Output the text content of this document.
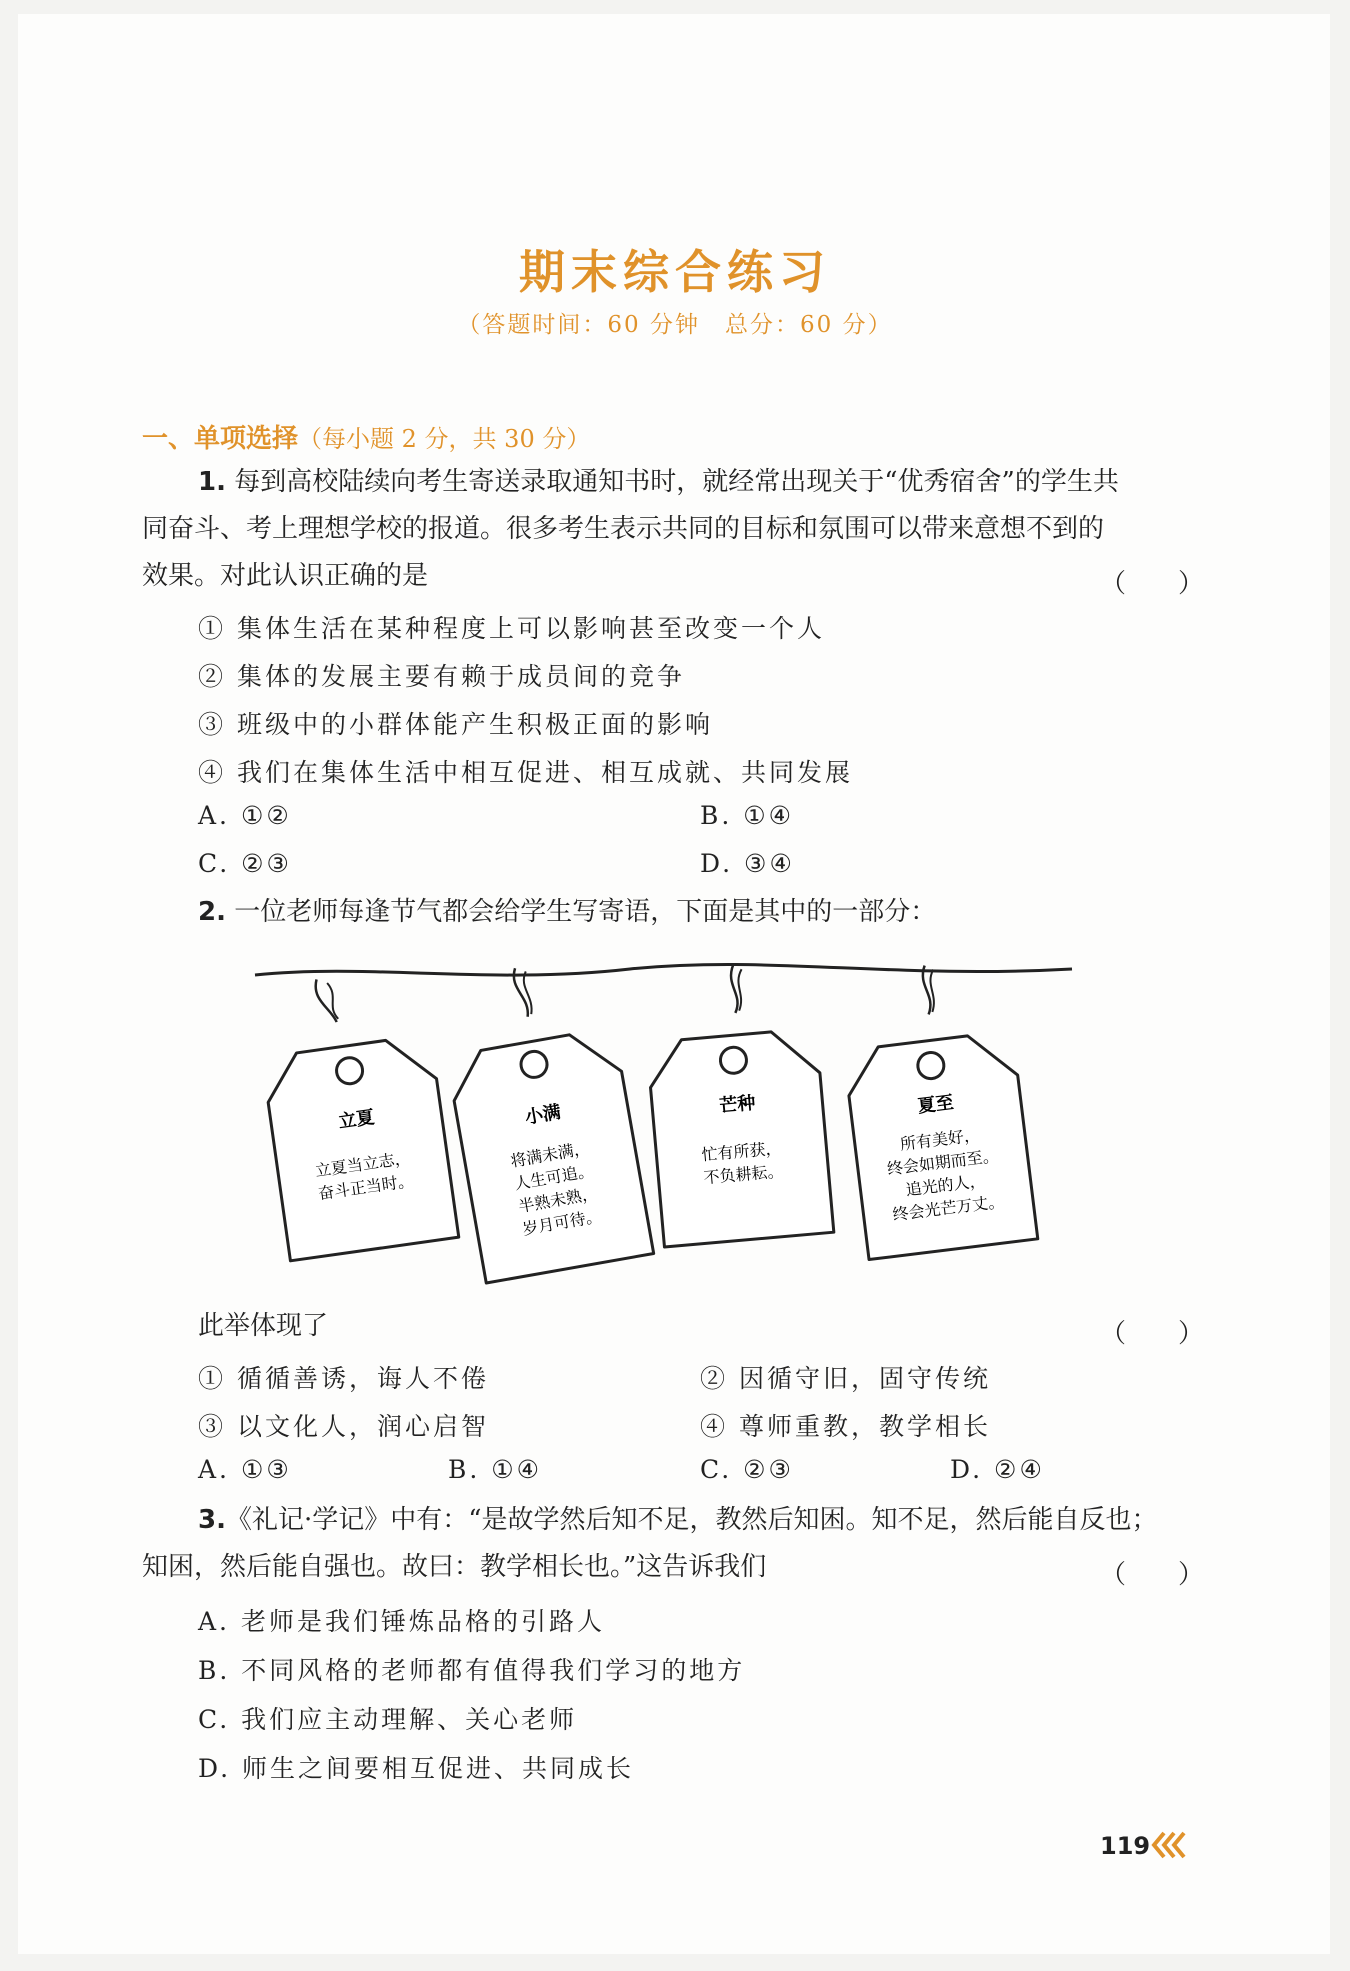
期末综合练习
（答题时间：60 分钟　总分：60 分）
一、单项选择（每小题 2 分，共 30 分）
1. 每到高校陆续向考生寄送录取通知书时，就经常出现关于“优秀宿舍”的学生共
同奋斗、考上理想学校的报道。很多考生表示共同的目标和氛围可以带来意想不到的
效果。对此认识正确的是	（　　）
① 集体生活在某种程度上可以影响甚至改变一个人
② 集体的发展主要有赖于成员间的竞争
③ 班级中的小群体能产生积极正面的影响
④ 我们在集体生活中相互促进、相互成就、共同发展
A. ①②	B. ①④
C. ②③	D. ③④
2. 一位老师每逢节气都会给学生写寄语，下面是其中的一部分：
立夏
立夏当立志，
奋斗正当时。
小满
将满未满，
人生可追。
半熟未熟，
岁月可待。
芒种
忙有所获，
不负耕耘。
夏至
所有美好，
终会如期而至。
追光的人，
终会光芒万丈。
此举体现了	（　　）
① 循循善诱，诲人不倦	② 因循守旧，固守传统
③ 以文化人，润心启智	④ 尊师重教，教学相长
A. ①③	B. ①④	C. ②③	D. ②④
3.《礼记·学记》中有：“是故学然后知不足，教然后知困。知不足，然后能自反也；
知困，然后能自强也。故曰：教学相长也。”这告诉我们	（　　）
A. 老师是我们锤炼品格的引路人
B. 不同风格的老师都有值得我们学习的地方
C. 我们应主动理解、关心老师
D. 师生之间要相互促进、共同成长
119
